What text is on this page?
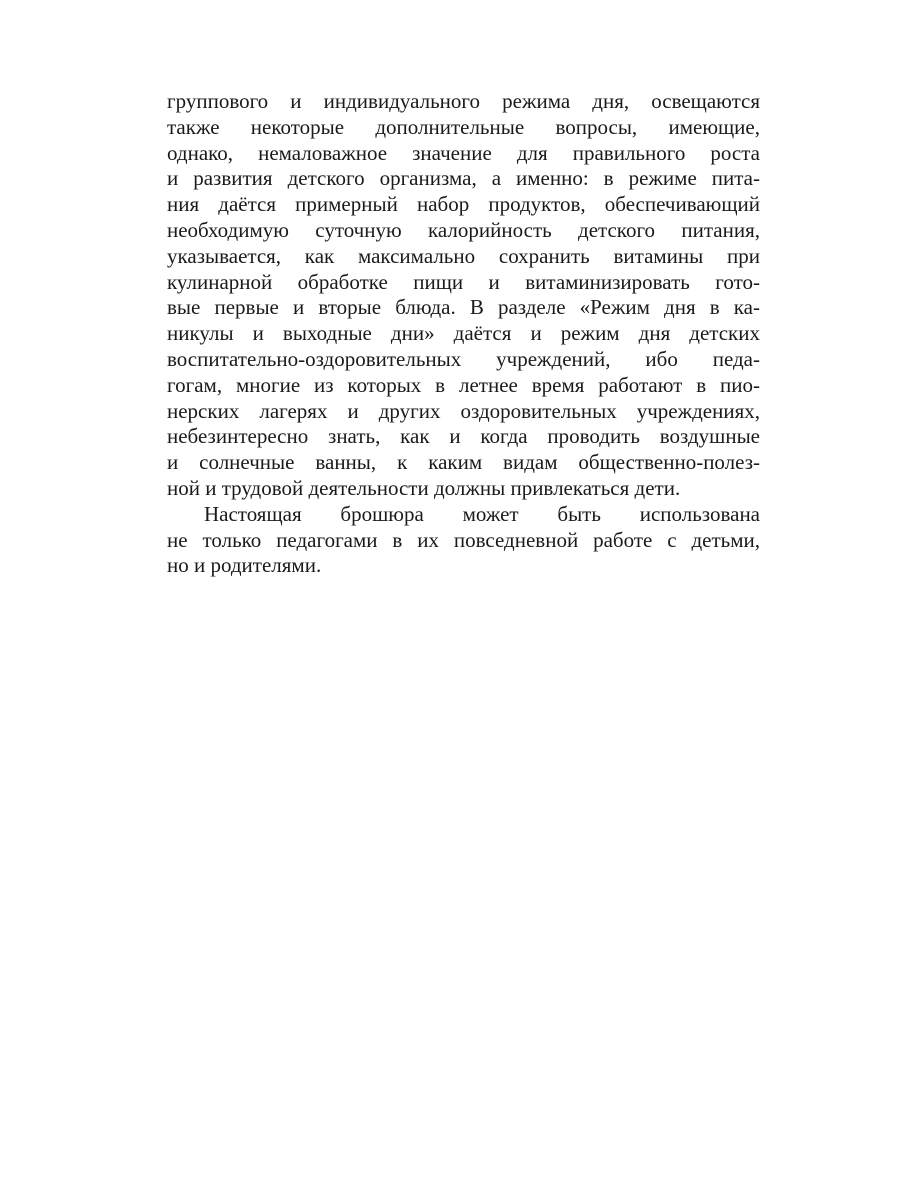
группового и индивидуального режима дня, освещаются
также некоторые дополнительные вопросы, имеющие,
однако, немаловажное значение для правильного роста
и развития детского организма, а именно: в режиме пита-
ния даётся примерный набор продуктов, обеспечивающий
необходимую суточную калорийность детского питания,
указывается, как максимально сохранить витамины при
кулинарной обработке пищи и витаминизировать гото-
вые первые и вторые блюда. В разделе «Режим дня в ка-
никулы и выходные дни» даётся и режим дня детских
воспитательно-оздоровительных учреждений, ибо педа-
гогам, многие из которых в летнее время работают в пио-
нерских лагерях и других оздоровительных учреждениях,
небезинтересно знать, как и когда проводить воздушные
и солнечные ванны, к каким видам общественно-полез-
ной и трудовой деятельности должны привлекаться дети.
Настоящая брошюра может быть использована
не только педагогами в их повседневной работе с детьми,
но и родителями.
